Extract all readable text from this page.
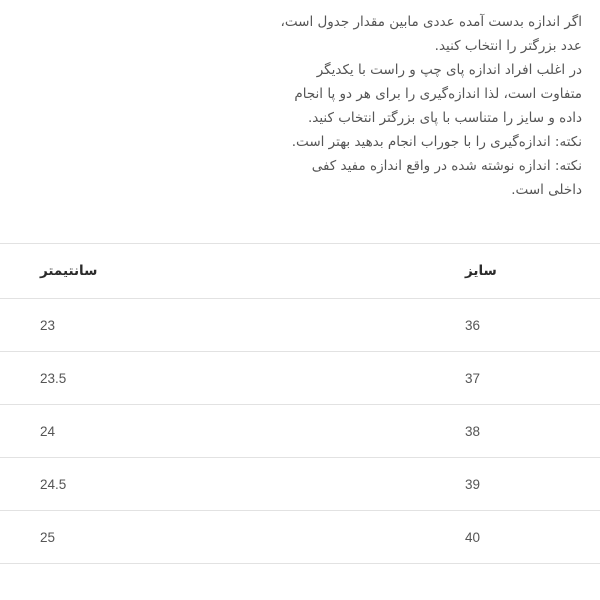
اگر اندازه بدست آمده عددی مابین مقدار جدول است،
عدد بزرگتر را انتخاب کنید.
در اغلب افراد اندازه پای چپ و راست با یکدیگر
متفاوت است، لذا اندازه‌گیری را برای هر دو پا انجام
داده و سایز را متناسب با پای بزرگتر انتخاب کنید.
نکته: اندازه‌گیری را با جوراب انجام بدهید بهتر است.
نکته: اندازه نوشته شده در واقع اندازه مفید کفی
داخلی است.
سانتیمتر	سایز
23	36
23.5	37
24	38
24.5	39
25	40
